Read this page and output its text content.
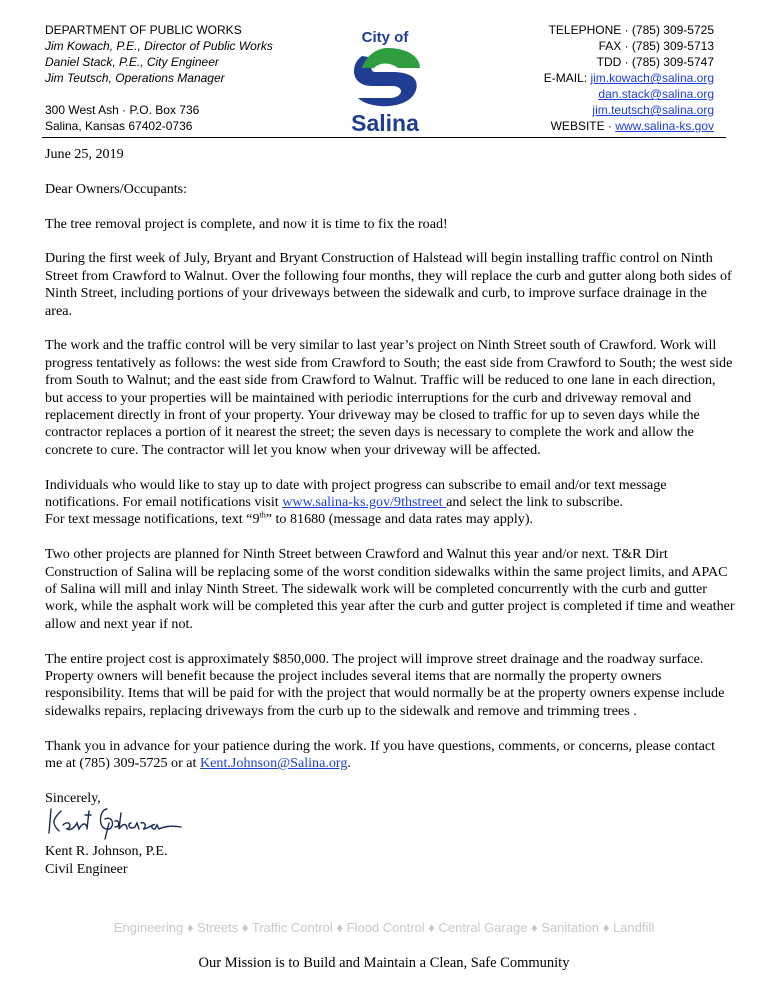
DEPARTMENT OF PUBLIC WORKS
Jim Kowach, P.E., Director of Public Works
Daniel Stack, P.E., City Engineer
Jim Teutsch, Operations Manager
300 West Ash · P.O. Box 736
Salina, Kansas 67402-0736
City of
Salina
TELEPHONE · (785) 309-5725
FAX · (785) 309-5713
TDD · (785) 309-5747
E-MAIL: jim.kowach@salina.org
dan.stack@salina.org
jim.teutsch@salina.org
WEBSITE · www.salina-ks.gov

June 25, 2019

Dear Owners/Occupants:

The tree removal project is complete, and now it is time to fix the road!

During the first week of July, Bryant and Bryant Construction of Halstead will begin installing traffic control on Ninth Street from Crawford to Walnut. Over the following four months, they will replace the curb and gutter along both sides of Ninth Street, including portions of your driveways between the sidewalk and curb, to improve surface drainage in the area.

The work and the traffic control will be very similar to last year’s project on Ninth Street south of Crawford. Work will progress tentatively as follows: the west side from Crawford to South; the east side from Crawford to South; the west side from South to Walnut; and the east side from Crawford to Walnut. Traffic will be reduced to one lane in each direction, but access to your properties will be maintained with periodic interruptions for the curb and driveway removal and replacement directly in front of your property. Your driveway may be closed to traffic for up to seven days while the contractor replaces a portion of it nearest the street; the seven days is necessary to complete the work and allow the concrete to cure. The contractor will let you know when your driveway will be affected.

Individuals who would like to stay up to date with project progress can subscribe to email and/or text message notifications. For email notifications visit www.salina-ks.gov/9thstreet and select the link to subscribe.
For text message notifications, text “9th” to 81680 (message and data rates may apply).

Two other projects are planned for Ninth Street between Crawford and Walnut this year and/or next. T&R Dirt Construction of Salina will be replacing some of the worst condition sidewalks within the same project limits, and APAC of Salina will mill and inlay Ninth Street. The sidewalk work will be completed concurrently with the curb and gutter work, while the asphalt work will be completed this year after the curb and gutter project is completed if time and weather allow and next year if not.

The entire project cost is approximately $850,000. The project will improve street drainage and the roadway surface. Property owners will benefit because the project includes several items that are normally the property owners responsibility. Items that will be paid for with the project that would normally be at the property owners expense include sidewalks repairs, replacing driveways from the curb up to the sidewalk and remove and trimming trees .

Thank you in advance for your patience during the work. If you have questions, comments, or concerns, please contact me at (785) 309-5725 or at Kent.Johnson@Salina.org.

Sincerely,

Kent R. Johnson, P.E.

Civil Engineer

Engineering ♦ Streets ♦ Traffic Control ♦ Flood Control ♦ Central Garage ♦ Sanitation ♦ Landfill
Our Mission is to Build and Maintain a Clean, Safe Community
